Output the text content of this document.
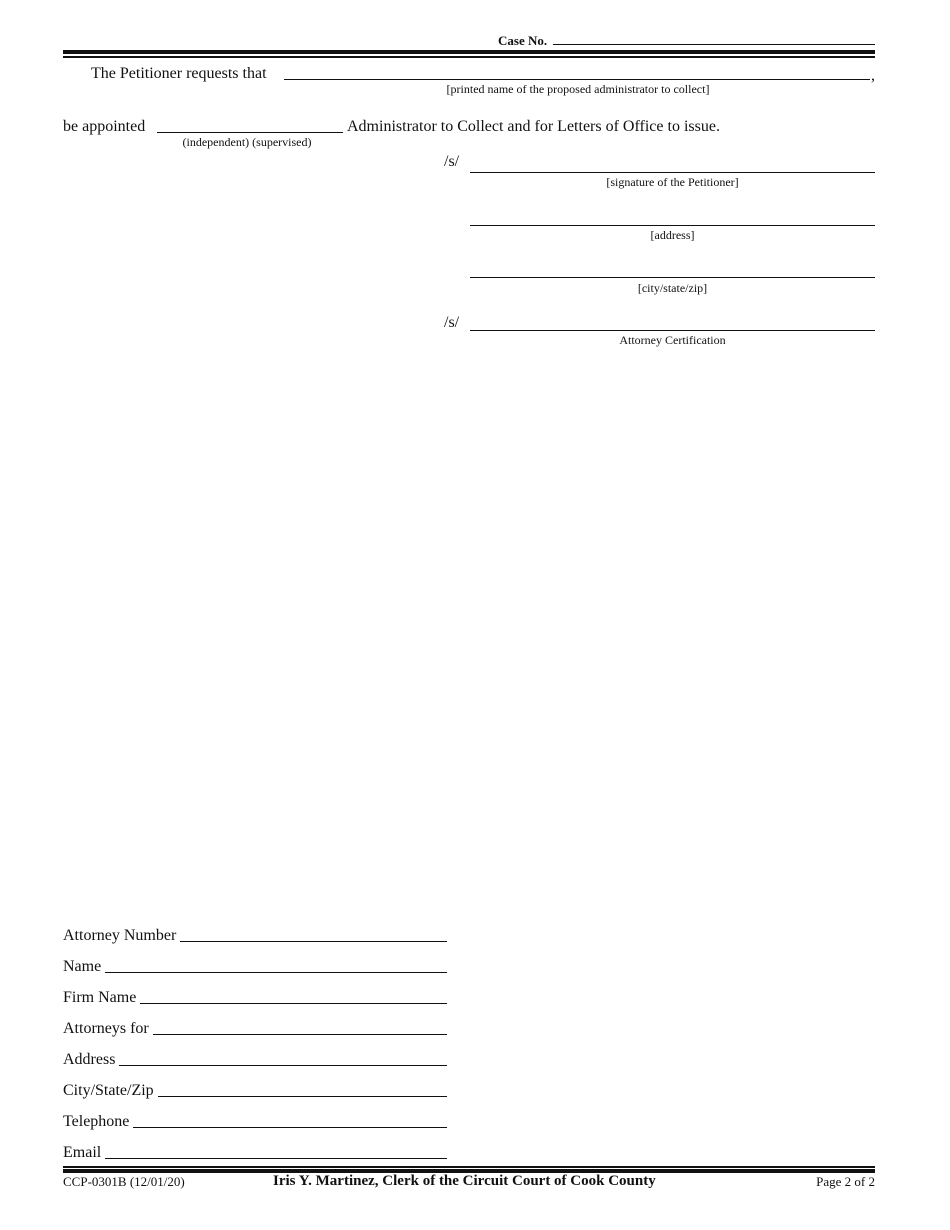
Case No.
The Petitioner requests that	,
[printed name of the proposed administrator to collect]
be appointed	Administrator to Collect and for Letters of Office to issue.
(independent) (supervised)
/s/
[signature of the Petitioner]
[address]
[city/state/zip]
/s/
Attorney Certification
Attorney Number
Name
Firm Name
Attorneys for
Address
City/State/Zip
Telephone
Email
CCP-0301B (12/01/20)	Iris Y. Martinez, Clerk of the Circuit Court of Cook County	Page 2 of 2
